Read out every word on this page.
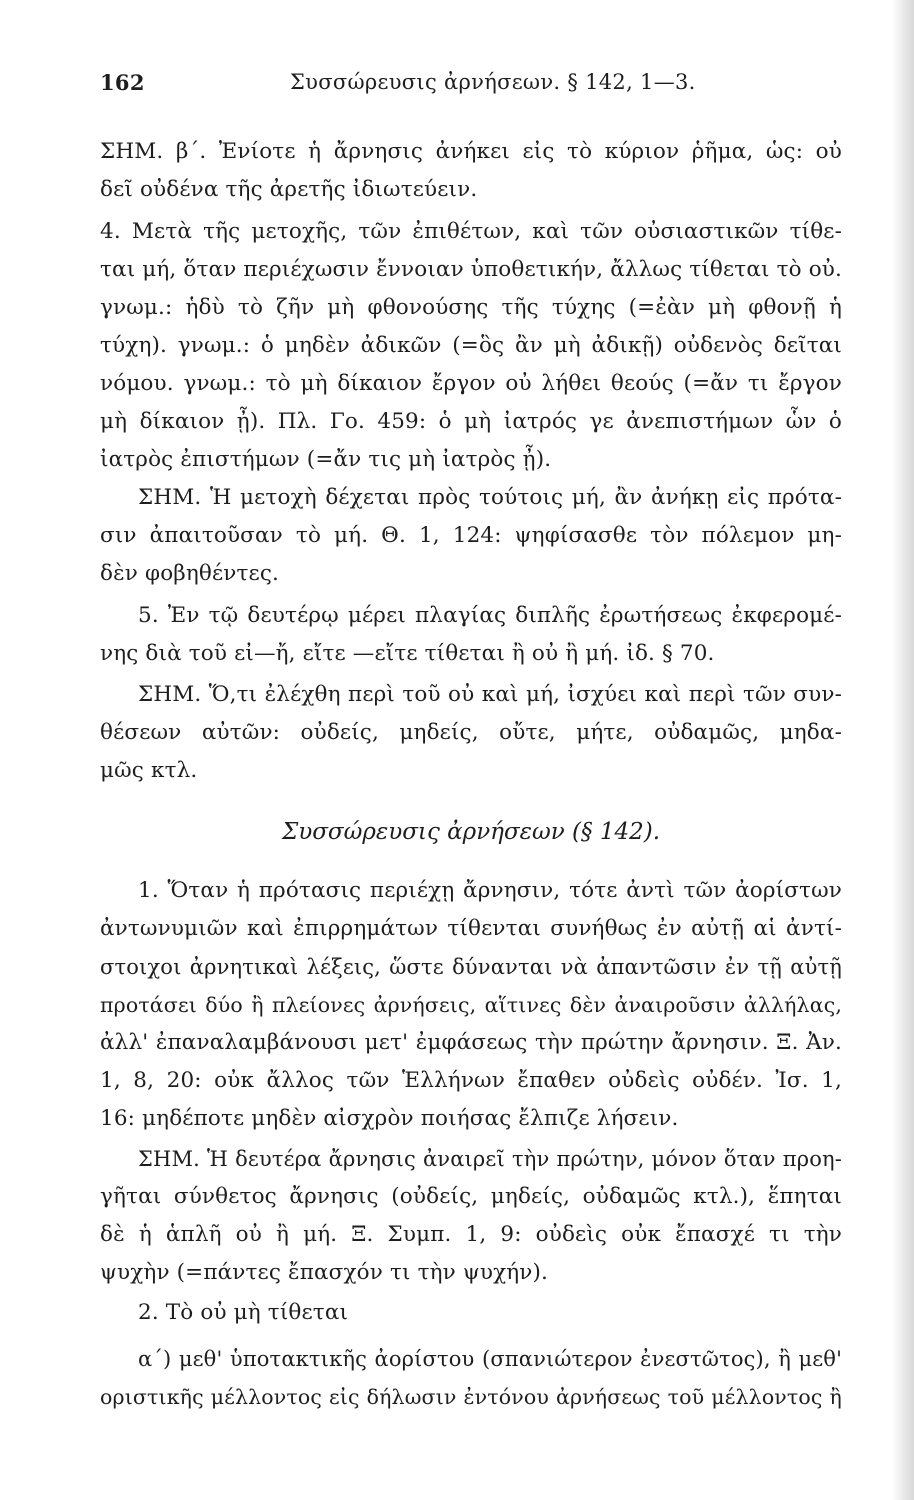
162	Συσσώρευσις ἀρνήσεων. § 142, 1—3.
ΣΗΜ. β΄. Ἐνίοτε ἡ ἄρνησις ἀνήκει εἰς τὸ κύριον ῥῆμα, ὡς: οὐ
δεῖ οὐδένα τῆς ἀρετῆς ἰδιωτεύειν.
4. Μετὰ τῆς μετοχῆς, τῶν ἐπιθέτων, καὶ τῶν οὐσιαστικῶν τίθε-
ται μή, ὅταν περιέχωσιν ἔννοιαν ὑποθετικήν, ἄλλως τίθεται τὸ οὐ.
γνωμ.: ἡδὺ τὸ ζῆν μὴ φθονούσης τῆς τύχης (=ἐὰν μὴ φθονῇ ἡ
τύχη). γνωμ.: ὁ μηδὲν ἀδικῶν (=ὃς ἂν μὴ ἀδικῇ) οὐδενὸς δεῖται
νόμου. γνωμ.: τὸ μὴ δίκαιον ἔργον οὐ λήθει θεούς (=ἄν τι ἔργον
μὴ δίκαιον ᾖ). Πλ. Γο. 459: ὁ μὴ ἰατρός γε ἀνεπιστήμων ὧν ὁ
ἰατρὸς ἐπιστήμων (=ἄν τις μὴ ἰατρὸς ᾖ).
ΣΗΜ. Ἡ μετοχὴ δέχεται πρὸς τούτοις μή, ἂν ἀνήκῃ εἰς πρότα-
σιν ἀπαιτοῦσαν τὸ μή. Θ. 1, 124: ψηφίσασθε τὸν πόλεμον μη-
δὲν φοβηθέντες.
5. Ἐν τῷ δευτέρῳ μέρει πλαγίας διπλῆς ἐρωτήσεως ἐκφερομέ-
νης διὰ τοῦ εἰ—ἤ, εἴτε —εἴτε τίθεται ἢ οὐ ἢ μή. ἰδ. § 70.
ΣΗΜ. Ὅ,τι ἐλέχθη περὶ τοῦ οὐ καὶ μή, ἰσχύει καὶ περὶ τῶν συν-
θέσεων αὐτῶν: οὐδείς, μηδείς, οὔτε, μήτε, οὐδαμῶς, μηδα-
μῶς κτλ.
Συσσώρευσις ἀρνήσεων (§ 142).
1. Ὅταν ἡ πρότασις περιέχῃ ἄρνησιν, τότε ἀντὶ τῶν ἀορίστων
ἀντωνυμιῶν καὶ ἐπιρρημάτων τίθενται συνήθως ἐν αὐτῇ αἱ ἀντί-
στοιχοι ἀρνητικαὶ λέξεις, ὥστε δύνανται νὰ ἀπαντῶσιν ἐν τῇ αὐτῇ
προτάσει δύο ἢ πλείονες ἀρνήσεις, αἵτινες δὲν ἀναιροῦσιν ἀλλήλας,
ἀλλ' ἐπαναλαμβάνουσι μετ' ἐμφάσεως τὴν πρώτην ἄρνησιν. Ξ. Ἀν.
1, 8, 20: οὐκ ἄλλος τῶν Ἑλλήνων ἔπαθεν οὐδεὶς οὐδέν. Ἰσ. 1,
16: μηδέποτε μηδὲν αἰσχρὸν ποιήσας ἔλπιζε λήσειν.
ΣΗΜ. Ἡ δευτέρα ἄρνησις ἀναιρεῖ τὴν πρώτην, μόνον ὅταν προη-
γῆται σύνθετος ἄρνησις (οὐδείς, μηδείς, οὐδαμῶς κτλ.), ἕπηται
δὲ ἡ ἁπλῆ οὐ ἢ μή. Ξ. Συμπ. 1, 9: οὐδεὶς οὐκ ἔπασχέ τι τὴν
ψυχὴν (=πάντες ἔπασχόν τι τὴν ψυχήν).
2. Τὸ οὐ μὴ τίθεται
α΄) μεθ' ὑποτακτικῆς ἀορίστου (σπανιώτερον ἐνεστῶτος), ἢ μεθ'
οριστικῆς μέλλοντος εἰς δήλωσιν ἐντόνου ἀρνήσεως τοῦ μέλλοντος ἢ
